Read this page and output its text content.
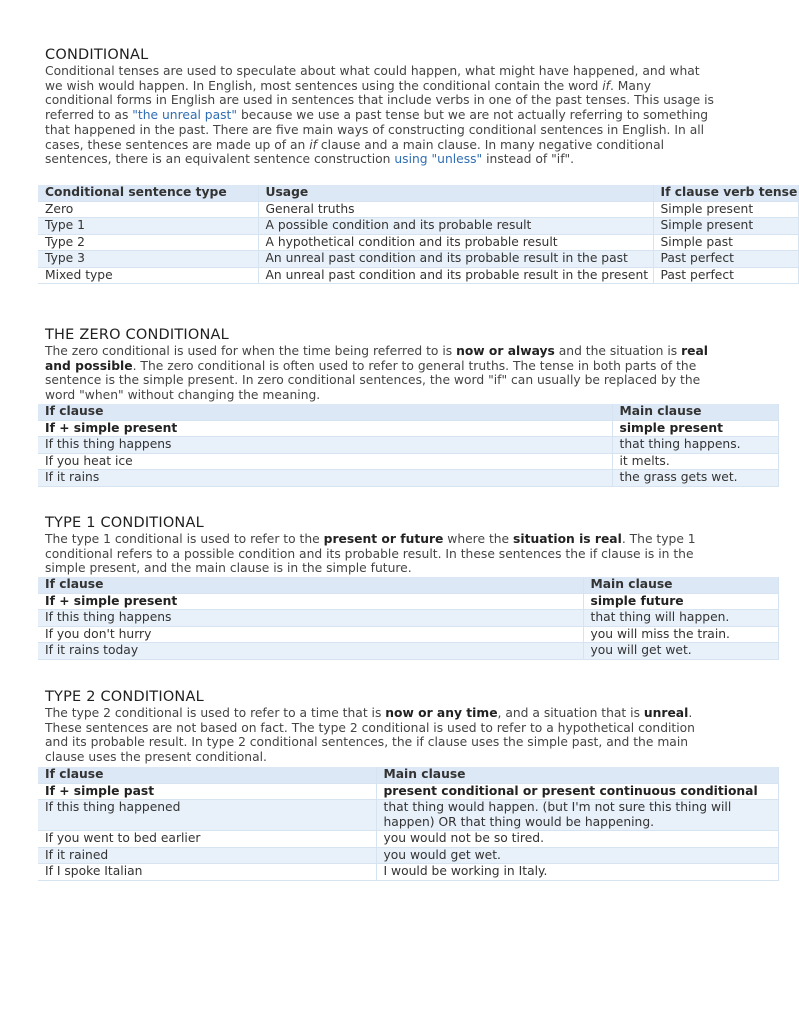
CONDITIONAL

Conditional tenses are used to speculate about what could happen, what might have happened, and what we wish would happen. In English, most sentences using the conditional contain the word if. Many conditional forms in English are used in sentences that include verbs in one of the past tenses. This usage is referred to as "the unreal past" because we use a past tense but we are not actually referring to something that happened in the past. There are five main ways of constructing conditional sentences in English. In all cases, these sentences are made up of an if clause and a main clause. In many negative conditional sentences, there is an equivalent sentence construction using "unless" instead of "if".

Conditional sentence type	Usage	If clause verb tense
Zero	General truths	Simple present
Type 1	A possible condition and its probable result	Simple present
Type 2	A hypothetical condition and its probable result	Simple past
Type 3	An unreal past condition and its probable result in the past	Past perfect
Mixed type	An unreal past condition and its probable result in the present	Past perfect
THE ZERO CONDITIONAL

The zero conditional is used for when the time being referred to is now or always and the situation is real and possible. The zero conditional is often used to refer to general truths. The tense in both parts of the sentence is the simple present. In zero conditional sentences, the word "if" can usually be replaced by the word "when" without changing the meaning.

If clause	Main clause
If + simple present	simple present
If this thing happens	that thing happens.
If you heat ice	it melts.
If it rains	the grass gets wet.
TYPE 1 CONDITIONAL

The type 1 conditional is used to refer to the present or future where the situation is real. The type 1 conditional refers to a possible condition and its probable result. In these sentences the if clause is in the simple present, and the main clause is in the simple future.

If clause	Main clause
If + simple present	simple future
If this thing happens	that thing will happen.
If you don't hurry	you will miss the train.
If it rains today	you will get wet.
TYPE 2 CONDITIONAL

The type 2 conditional is used to refer to a time that is now or any time, and a situation that is unreal. These sentences are not based on fact. The type 2 conditional is used to refer to a hypothetical condition and its probable result. In type 2 conditional sentences, the if clause uses the simple past, and the main clause uses the present conditional.

If clause	Main clause
If + simple past	present conditional or present continuous conditional
If this thing happened	that thing would happen. (but I'm not sure this thing will happen) OR that thing would be happening.
If you went to bed earlier	you would not be so tired.
If it rained	you would get wet.
If I spoke Italian	I would be working in Italy.
